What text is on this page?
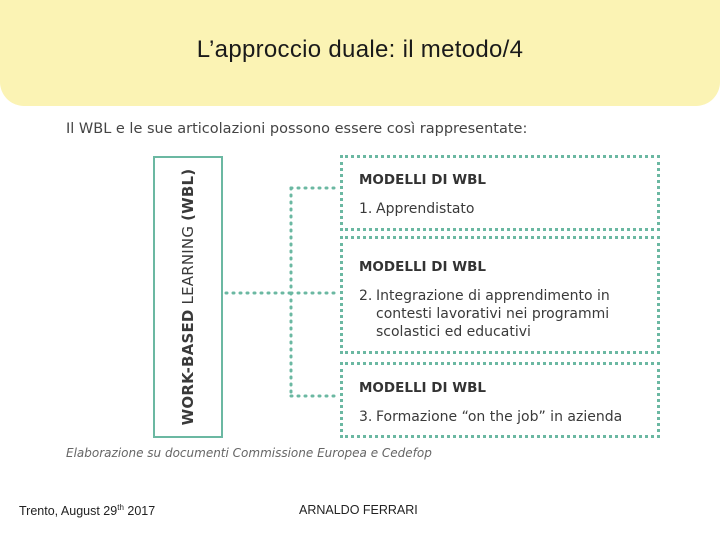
L’approccio duale: il metodo/4
Il WBL e le sue articolazioni possono essere così rappresentate:
WORK-BASED LEARNING (WBL)	MODELLI DI WBL
1. Apprendistato
MODELLI DI WBL
2. Integrazione di apprendimento in
contesti lavorativi nei programmi
scolastici ed educativi
MODELLI DI WBL
3. Formazione “on the job” in azienda
Elaborazione su documenti Commissione Europea e Cedefop
Trento, August 29th 2017	ARNALDO FERRARI
